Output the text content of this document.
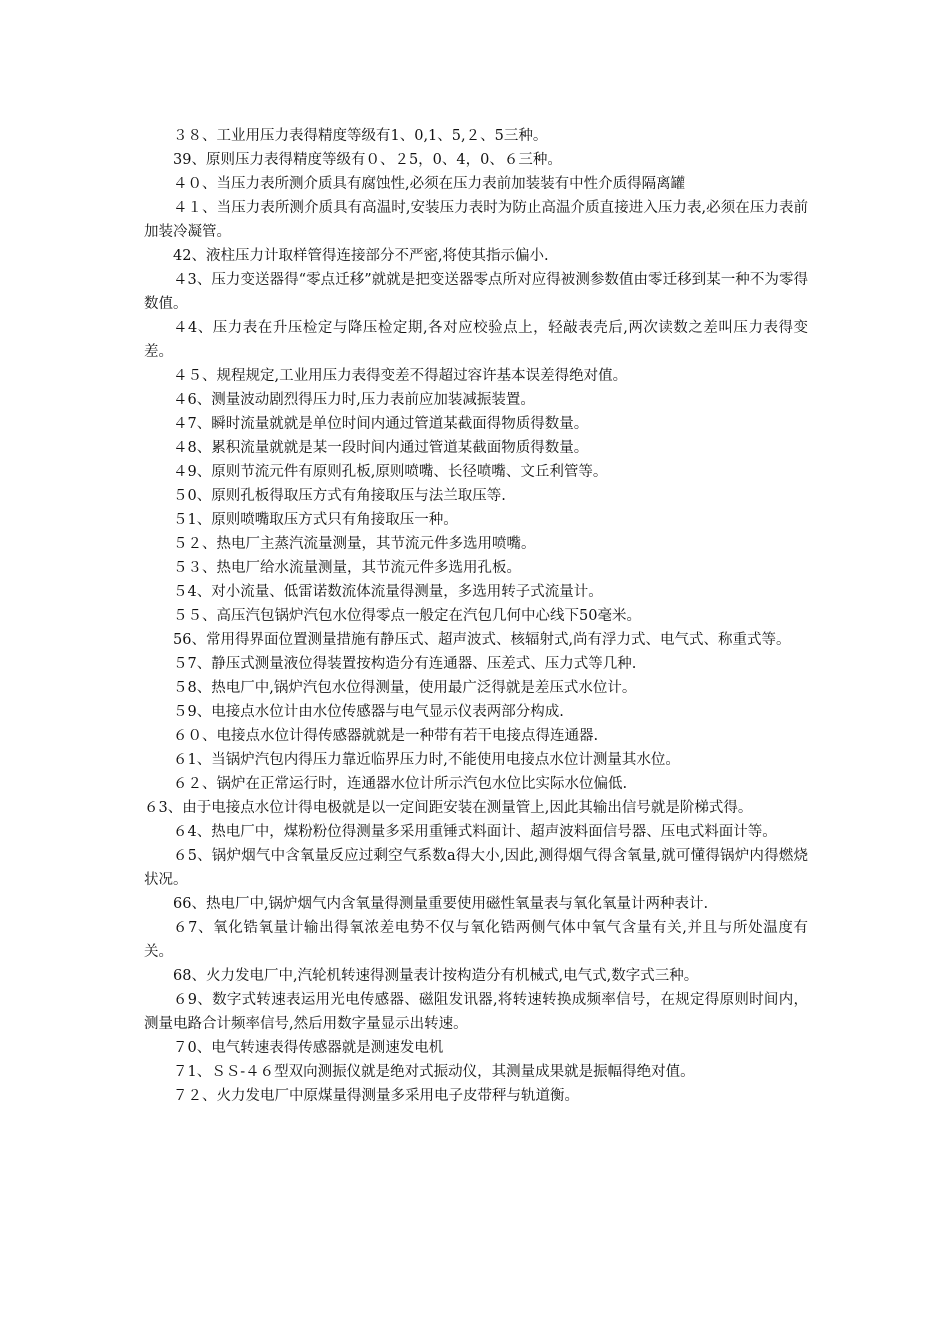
３８、工业用压力表得精度等级有1、0,1、5,２、5三种。

39、原则压力表得精度等级有０、２5，0、4，0、６三种。

４０、当压力表所测介质具有腐蚀性,必须在压力表前加装装有中性介质得隔离罐

４１、当压力表所测介质具有高温时,安装压力表时为防止高温介质直接进入压力表,必须在压力表前加装冷凝管。

42、液柱压力计取样管得连接部分不严密,将使其指示偏小.

４3、压力变送器得“零点迁移”就就是把变送器零点所对应得被测参数值由零迁移到某一种不为零得数值。

４4、压力表在升压检定与降压检定期,各对应校验点上，轻敲表壳后,两次读数之差叫压力表得变差。

４５、规程规定,工业用压力表得变差不得超过容许基本误差得绝对值。

４6、测量波动剧烈得压力时,压力表前应加装减振装置。

４7、瞬时流量就就是单位时间内通过管道某截面得物质得数量。

４8、累积流量就就是某一段时间内通过管道某截面物质得数量。

４9、原则节流元件有原则孔板,原则喷嘴、长径喷嘴、文丘利管等。

５0、原则孔板得取压方式有角接取压与法兰取压等.

５1、原则喷嘴取压方式只有角接取压一种。

５２、热电厂主蒸汽流量测量，其节流元件多选用喷嘴。

５３、热电厂给水流量测量，其节流元件多选用孔板。

５4、对小流量、低雷诺数流体流量得测量，多选用转子式流量计。

５５、高压汽包锅炉汽包水位得零点一般定在汽包几何中心线下50毫米。

56、常用得界面位置测量措施有静压式、超声波式、核辐射式,尚有浮力式、电气式、称重式等。

５7、静压式测量液位得装置按构造分有连通器、压差式、压力式等几种.

５8、热电厂中,锅炉汽包水位得测量，使用最广泛得就是差压式水位计。

５9、电接点水位计由水位传感器与电气显示仪表两部分构成.

６０、电接点水位计得传感器就就是一种带有若干电接点得连通器.

６1、当锅炉汽包内得压力靠近临界压力时,不能使用电接点水位计测量其水位。

６２、锅炉在正常运行时，连通器水位计所示汽包水位比实际水位偏低.

６3、由于电接点水位计得电极就是以一定间距安装在测量管上,因此其输出信号就是阶梯式得。

６4、热电厂中，煤粉粉位得测量多采用重锤式料面计、超声波料面信号器、压电式料面计等。

６5、锅炉烟气中含氧量反应过剩空气系数a得大小,因此,测得烟气得含氧量,就可懂得锅炉内得燃烧状况。

66、热电厂中,锅炉烟气内含氧量得测量重要使用磁性氧量表与氧化氧量计两种表计.

６7、氧化锆氧量计输出得氧浓差电势不仅与氧化锆两侧气体中氧气含量有关,并且与所处温度有关。

68、火力发电厂中,汽轮机转速得测量表计按构造分有机械式,电气式,数字式三种。

６9、数字式转速表运用光电传感器、磁阻发讯器,将转速转换成频率信号，在规定得原则时间内，测量电路合计频率信号,然后用数字量显示出转速。

７0、电气转速表得传感器就是测速发电机

７1、ＳＳ-４６型双向测振仪就是绝对式振动仪，其测量成果就是振幅得绝对值。

７２、火力发电厂中原煤量得测量多采用电子皮带秤与轨道衡。
